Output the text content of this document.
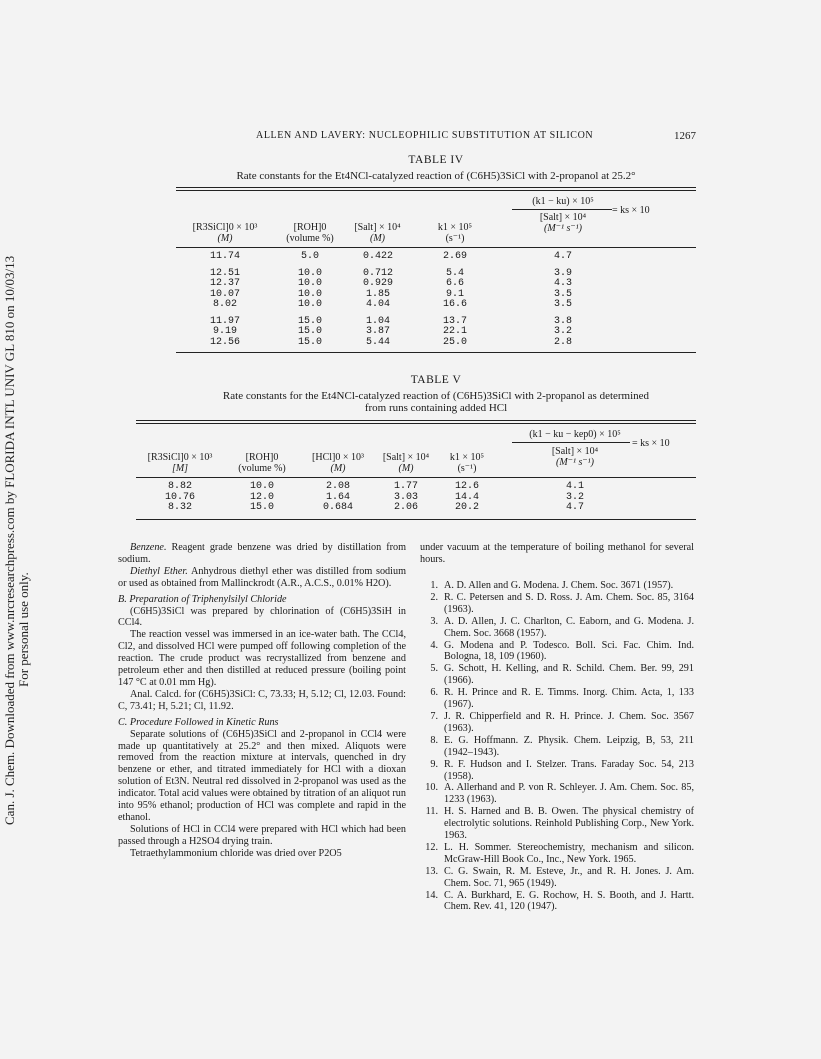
Can. J. Chem. Downloaded from www.nrcresearchpress.com by FLORIDA INTL UNIV GL 810 on 10/03/13 For personal use only.
ALLEN AND LAVERY: NUCLEOPHILIC SUBSTITUTION AT SILICON	1267
TABLE IV
Rate constants for the Et4NCl-catalyzed reaction of (C6H5)3SiCl with 2-propanol at 25.2°
[R3SiCl]0 × 10³
(M)
[ROH]0
(volume %)
[Salt] × 10⁴
(M)
k1 × 10⁵
(s⁻¹)
(k1 − ku) × 10⁵
= ks × 10
[Salt] × 10⁴
(M⁻¹ s⁻¹)
11.74	5.0	0.422	2.69	4.7
12.51	10.0	0.712	5.4	3.9
12.37	10.0	0.929	6.6	4.3
10.07	10.0	1.85	9.1	3.5
8.02	10.0	4.04	16.6	3.5
11.97	15.0	1.04	13.7	3.8
9.19	15.0	3.87	22.1	3.2
12.56	15.0	5.44	25.0	2.8
TABLE V
Rate constants for the Et4NCl-catalyzed reaction of (C6H5)3SiCl with 2-propanol as determined
from runs containing added HCl
[R3SiCl]0 × 10³
[M]
[ROH]0
(volume %)
[HCl]0 × 10³
(M)
[Salt] × 10⁴
(M)
k1 × 10⁵
(s⁻¹)
(k1 − ku − kep0) × 10⁵
= ks × 10
[Salt] × 10⁴
(M⁻¹ s⁻¹)
8.82	10.0	2.08	1.77	12.6	4.1
10.76	12.0	1.64	3.03	14.4	3.2
8.32	15.0	0.684	2.06	20.2	4.7

Benzene. Reagent grade benzene was dried by distillation from sodium.

Diethyl Ether. Anhydrous diethyl ether was distilled from sodium or used as obtained from Mallinckrodt (A.R., A.C.S., 0.01% H2O).

B. Preparation of Triphenylsilyl Chloride

(C6H5)3SiCl was prepared by chlorination of (C6H5)3SiH in CCl4.

The reaction vessel was immersed in an ice-water bath. The CCl4, Cl2, and dissolved HCl were pumped off following completion of the reaction. The crude product was recrystallized from benzene and petroleum ether and then distilled at reduced pressure (boiling point 147 °C at 0.01 mm Hg).

Anal. Calcd. for (C6H5)3SiCl: C, 73.33; H, 5.12; Cl, 12.03. Found: C, 73.41; H, 5.21; Cl, 11.92.

C. Procedure Followed in Kinetic Runs

Separate solutions of (C6H5)3SiCl and 2-propanol in CCl4 were made up quantitatively at 25.2° and then mixed. Aliquots were removed from the reaction mixture at intervals, quenched in dry benzene or ether, and titrated immediately for HCl with a dioxan solution of Et3N. Neutral red dissolved in 2-propanol was used as the indicator. Total acid values were obtained by titration of an aliquot run into 95% ethanol; production of HCl was complete and rapid in the ethanol.

Solutions of HCl in CCl4 were prepared with HCl which had been passed through a H2SO4 drying train.

Tetraethylammonium chloride was dried over P2O5

under vacuum at the temperature of boiling methanol for several hours.

1. A. D. Allen and G. Modena. J. Chem. Soc. 3671 (1957).
2. R. C. Petersen and S. D. Ross. J. Am. Chem. Soc. 85, 3164 (1963).
3. A. D. Allen, J. C. Charlton, C. Eaborn, and G. Modena. J. Chem. Soc. 3668 (1957).
4. G. Modena and P. Todesco. Boll. Sci. Fac. Chim. Ind. Bologna, 18, 109 (1960).
5. G. Schott, H. Kelling, and R. Schild. Chem. Ber. 99, 291 (1966).
6. R. H. Prince and R. E. Timms. Inorg. Chim. Acta, 1, 133 (1967).
7. J. R. Chipperfield and R. H. Prince. J. Chem. Soc. 3567 (1963).
8. E. G. Hoffmann. Z. Physik. Chem. Leipzig, B, 53, 211 (1942–1943).
9. R. F. Hudson and I. Stelzer. Trans. Faraday Soc. 54, 213 (1958).
10. A. Allerhand and P. von R. Schleyer. J. Am. Chem. Soc. 85, 1233 (1963).
11. H. S. Harned and B. B. Owen. The physical chemistry of electrolytic solutions. Reinhold Publishing Corp., New York. 1963.
12. L. H. Sommer. Stereochemistry, mechanism and silicon. McGraw-Hill Book Co., Inc., New York. 1965.
13. C. G. Swain, R. M. Esteve, Jr., and R. H. Jones. J. Am. Chem. Soc. 71, 965 (1949).
14. C. A. Burkhard, E. G. Rochow, H. S. Booth, and J. Hartt. Chem. Rev. 41, 120 (1947).
